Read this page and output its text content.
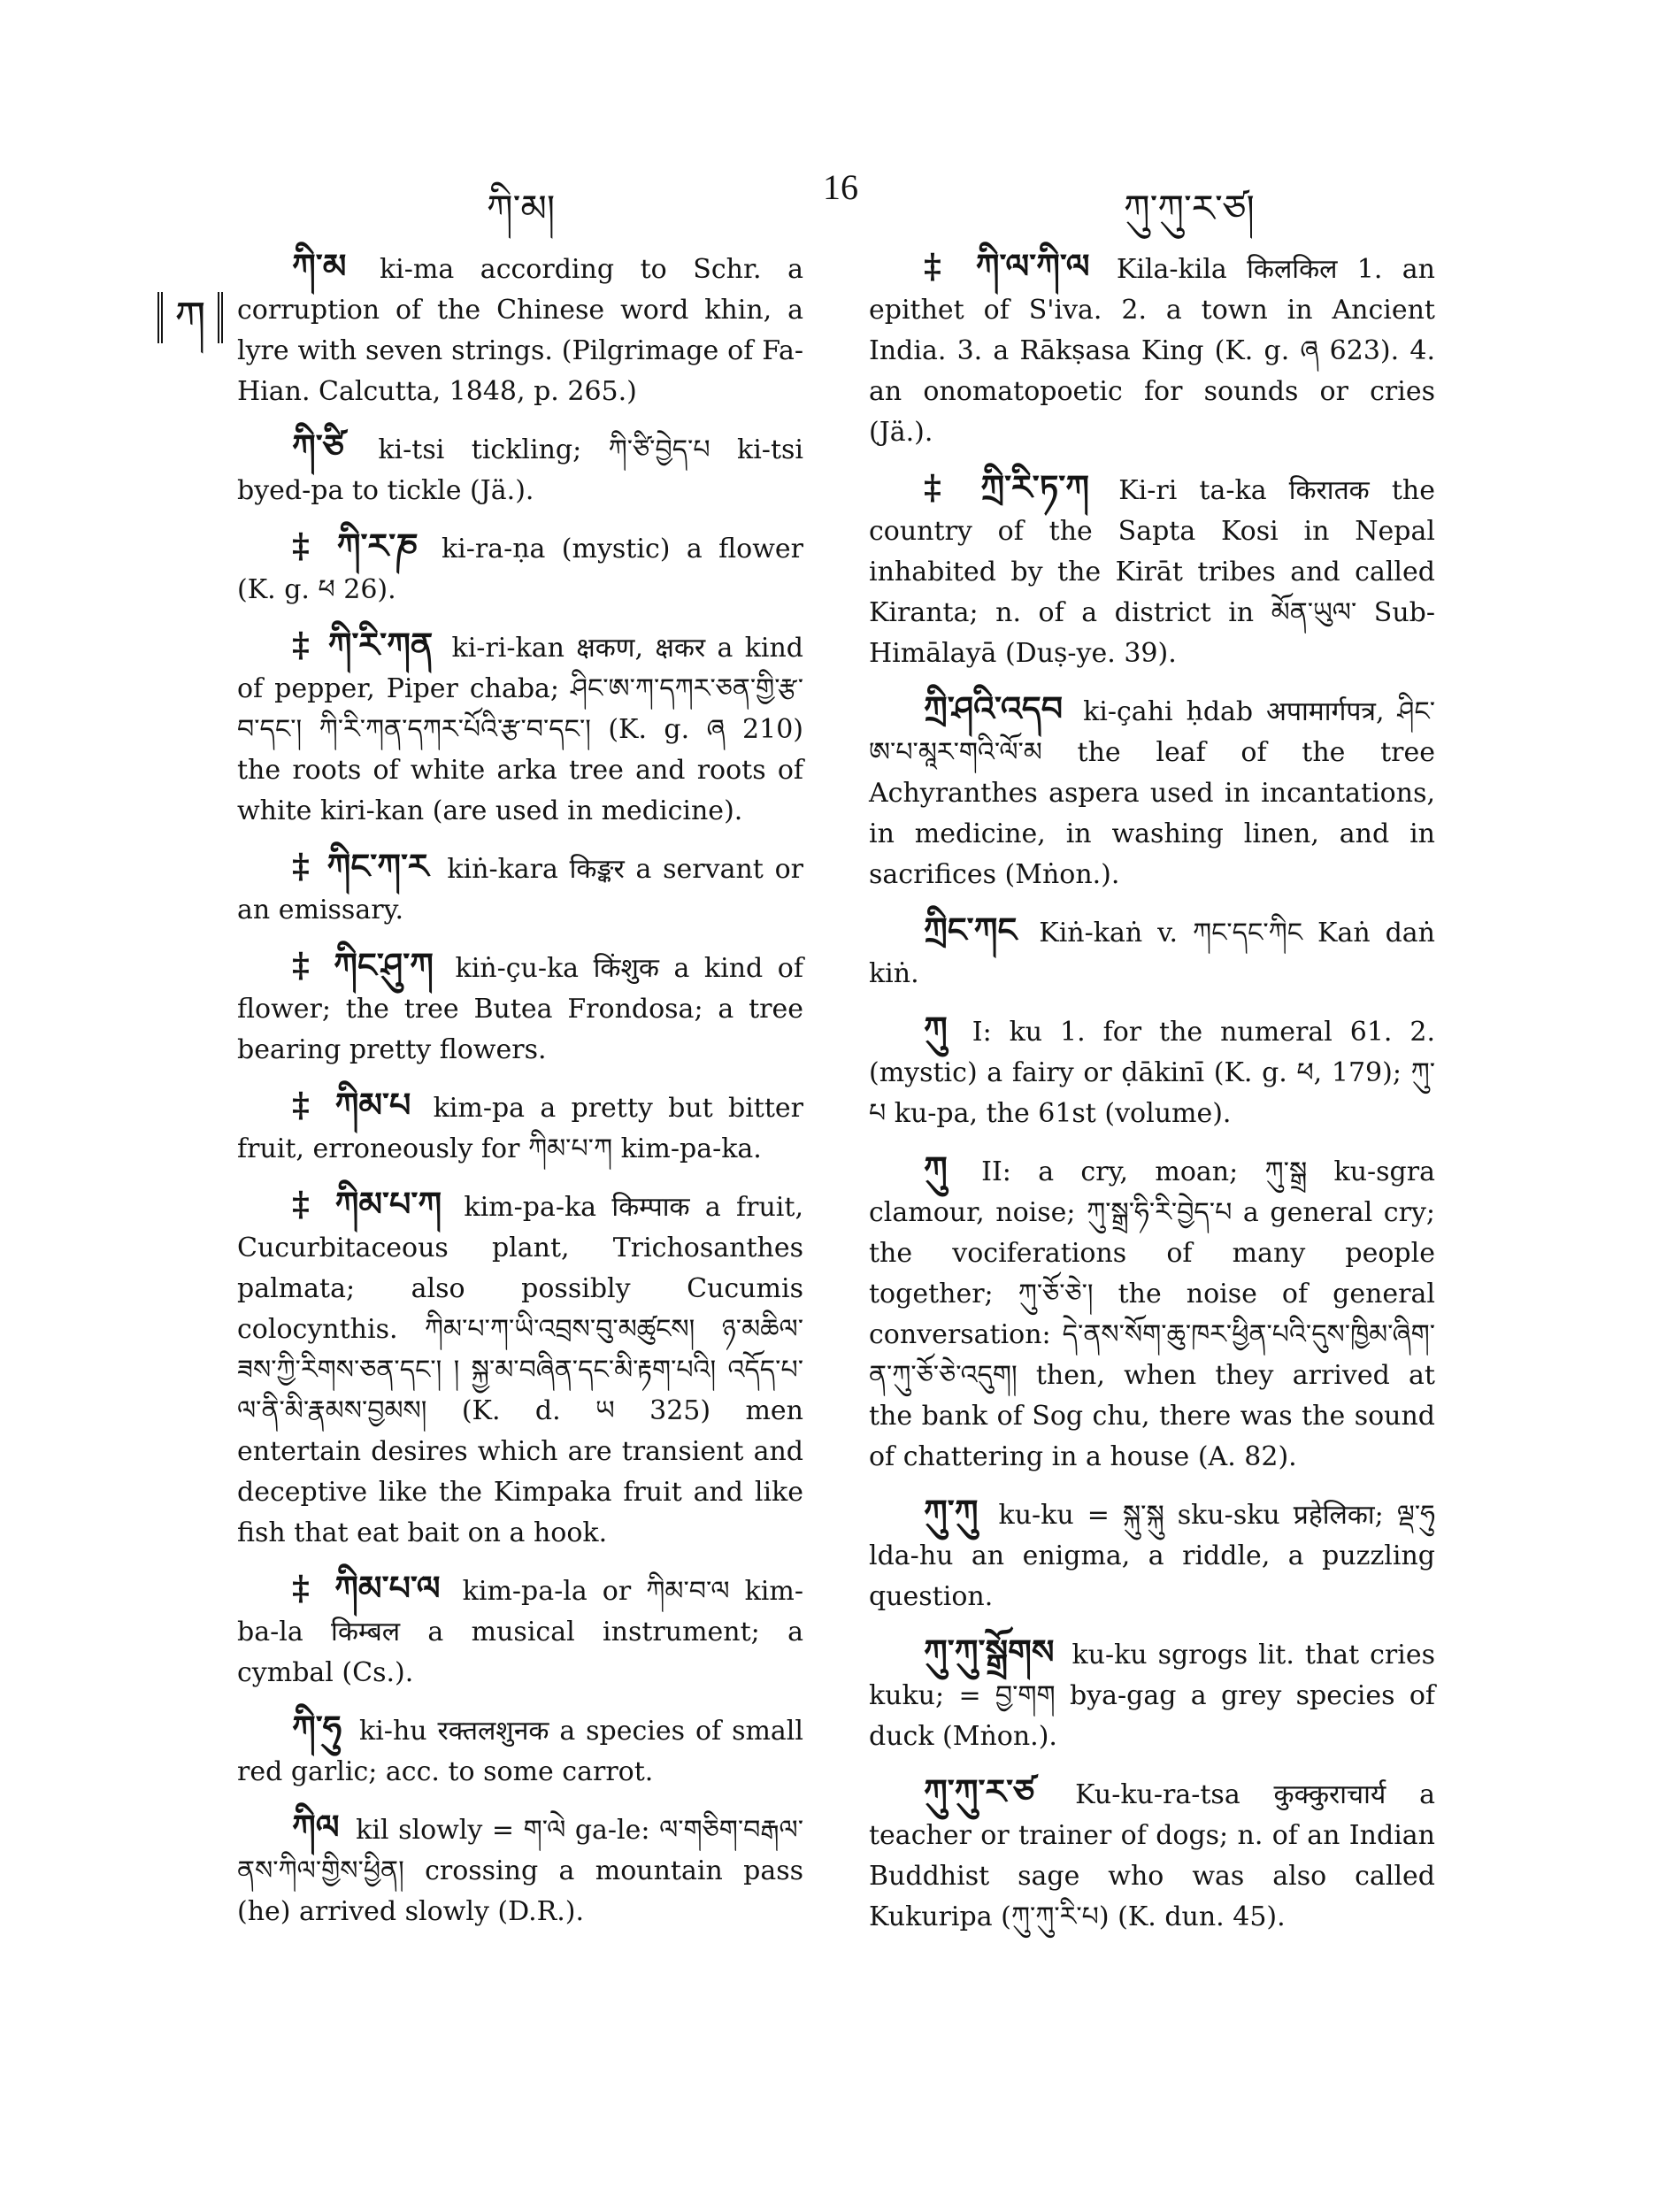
ཀི་མ།	16	ཀུ་ཀུ་ར་ཙ།
ཀ

ཀི་མ ki-ma according to Schr. a corruption of the Chinese word khin, a lyre with seven strings. (Pilgrimage of Fa-Hian. Calcutta, 1848, p. 265.)

ཀི་ཙི ki-tsi tickling; ཀི་ཙི་བྱེད་པ ki-tsi byed-pa to tickle (Jä.).

‡ ཀི་ར་ཎ ki-ra-ṇa (mystic) a flower (K. g. ཕ 26).

‡ ཀི་རི་ཀན ki-ri-kan क्षकण, क्षकर a kind of pepper, Piper chaba; ཤིང་ཨ་ཀ་དཀར་ཅན་གྱི་རྩ་བ་དང་། ཀི་རི་ཀན་དཀར་པོའི་རྩ་བ་དང་། (K. g. ཞ 210) the roots of white arka tree and roots of white kiri-kan (are used in medicine).

‡ ཀིང་ཀ་ར kiṅ-kara किङ्कर a servant or an emissary.

‡ ཀིང་ཤུ་ཀ kiṅ-çu-ka किंशुक a kind of flower; the tree Butea Frondosa; a tree bearing pretty flowers.

‡ ཀིམ་པ kim-pa a pretty but bitter fruit, erroneously for ཀིམ་པ་ཀ kim-pa-ka.

‡ ཀིམ་པ་ཀ kim-pa-ka किम्पाक a fruit, Cucurbitaceous plant, Trichosanthes palmata; also possibly Cucumis colocynthis. ཀིམ་པ་ཀ་ཡི་འབྲས་བུ་མཚུངས། ཉ་མཆིལ་ཟས་ཀྱི་རིགས་ཅན་དང་། ། སྐྱ་མ་བཞིན་དང་མི་རྟག་པའི། འདོད་པ་ལ་ནི་མི་རྣམས་བྱམས། (K. d. ཡ 325) men entertain desires which are transient and deceptive like the Kimpaka fruit and like fish that eat bait on a hook.

‡ ཀིམ་པ་ལ kim-pa-la or ཀིམ་བ་ལ kim-ba-la किम्बल a musical instrument; a cymbal (Cs.).

ཀི་ཧུ ki-hu रक्तलशुनक a species of small red garlic; acc. to some carrot.

ཀིལ kil slowly = ག་ལེ ga-le: ལ་གཅིག་བརྒལ་ནས་ཀིལ་གྱིས་ཕྱིན། crossing a mountain pass (he) arrived slowly (D.R.).

‡ ཀི་ལ་ཀི་ལ Kila-kila किलकिल 1. an epithet of S'iva. 2. a town in Ancient India. 3. a Rākṣasa King (K. g. ཞ 623). 4. an onomatopoetic for sounds or cries (Jä.).

‡ ཀྲི་རི་ཏ་ཀ Ki-ri ta-ka किरातक the country of the Sapta Kosi in Nepal inhabited by the Kirāt tribes and called Kiranta; n. of a district in མོན་ཡུལ་ Sub-Himālayā (Duṣ-ye. 39).

ཀྲི་ཤའི་འདབ ki-çahi ḥdab अपामार्गपत्र, ཤིང་ཨ་པ་མཱར་གའི་ལོ་མ the leaf of the tree Achyranthes aspera used in incantations, in medicine, in washing linen, and in sacrifices (Mṅon.).

ཀྲིང་ཀང Kiṅ-kaṅ v. ཀང་དང་ཀིང Kaṅ daṅ kiṅ.

ཀུ I: ku 1. for the numeral 61. 2. (mystic) a fairy or ḍākinī (K. g. ཕ, 179); ཀུ་པ ku-pa, the 61st (volume).

ཀུ II: a cry, moan; ཀུ་སྒྲ ku-sgra clamour, noise; ཀུ་སྒྲ་ཧི་རི་བྱེད་པ a general cry; the vociferations of many people together; ཀུ་ཅོ་ཅེ་། the noise of general conversation: དེ་ནས་སོག་ཆུ་ཁར་ཕྱིན་པའི་དུས་ཁྱིམ་ཞིག་ན་ཀུ་ཅོ་ཅེ་འདུག། then, when they arrived at the bank of Sog chu, there was the sound of chattering in a house (A. 82).

ཀུ་ཀུ ku-ku = སྐུ་སྐུ sku-sku प्रहेलिका; ལྡ་ཧུ lda-hu an enigma, a riddle, a puzzling question.

ཀུ་ཀུ་སྒྲོགས ku-ku sgrogs lit. that cries kuku; = བྱ་གག bya-gag a grey species of duck (Mṅon.).

ཀུ་ཀུ་ར་ཙ Ku-ku-ra-tsa कुक्कुराचार्य a teacher or trainer of dogs; n. of an Indian Buddhist sage who was also called Kukuripa (ཀུ་ཀུ་རི་པ) (K. dun. 45).
